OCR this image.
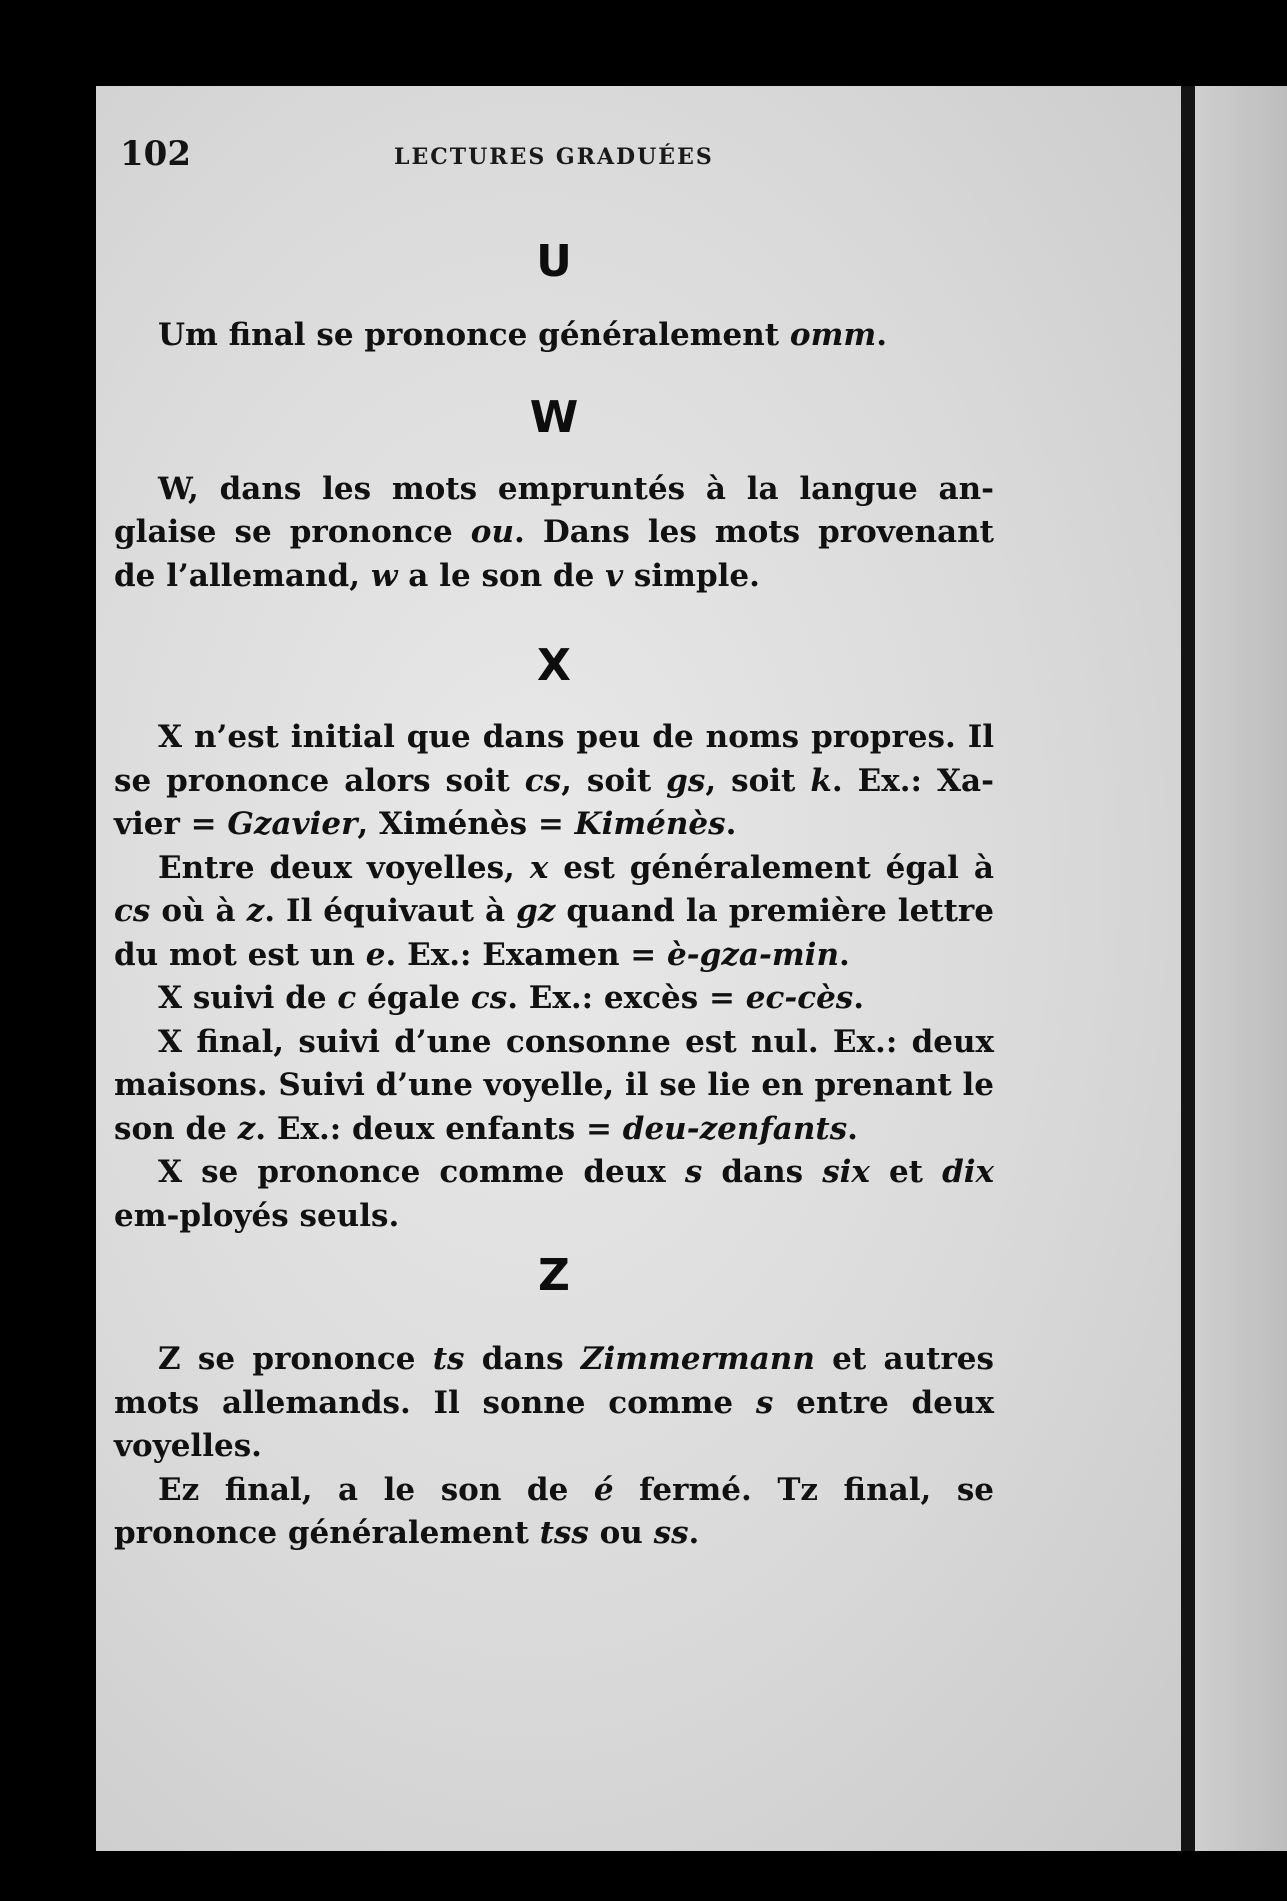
102	LECTURES GRADUÉES
U

Um final se prononce généralement omm.

W

W, dans les mots empruntés à la langue an-glaise se prononce ou. Dans les mots provenant de l’allemand, w a le son de v simple.

X

X n’est initial que dans peu de noms propres. Il se prononce alors soit cs, soit gs, soit k. Ex.: Xa-vier = Gzavier, Ximénès = Kiménès.

Entre deux voyelles, x est généralement égal à cs où à z. Il équivaut à gz quand la première lettre du mot est un e. Ex.: Examen = è-gza-min.

X suivi de c égale cs. Ex.: excès = ec-cès.

X final, suivi d’une consonne est nul. Ex.: deux maisons. Suivi d’une voyelle, il se lie en prenant le son de z. Ex.: deux enfants = deu-zenfants.

X se prononce comme deux s dans six et dix em-ployés seuls.

Z

Z se prononce ts dans Zimmermann et autres mots allemands. Il sonne comme s entre deux voyelles.

Ez final, a le son de é fermé. Tz final, se prononce généralement tss ou ss.
